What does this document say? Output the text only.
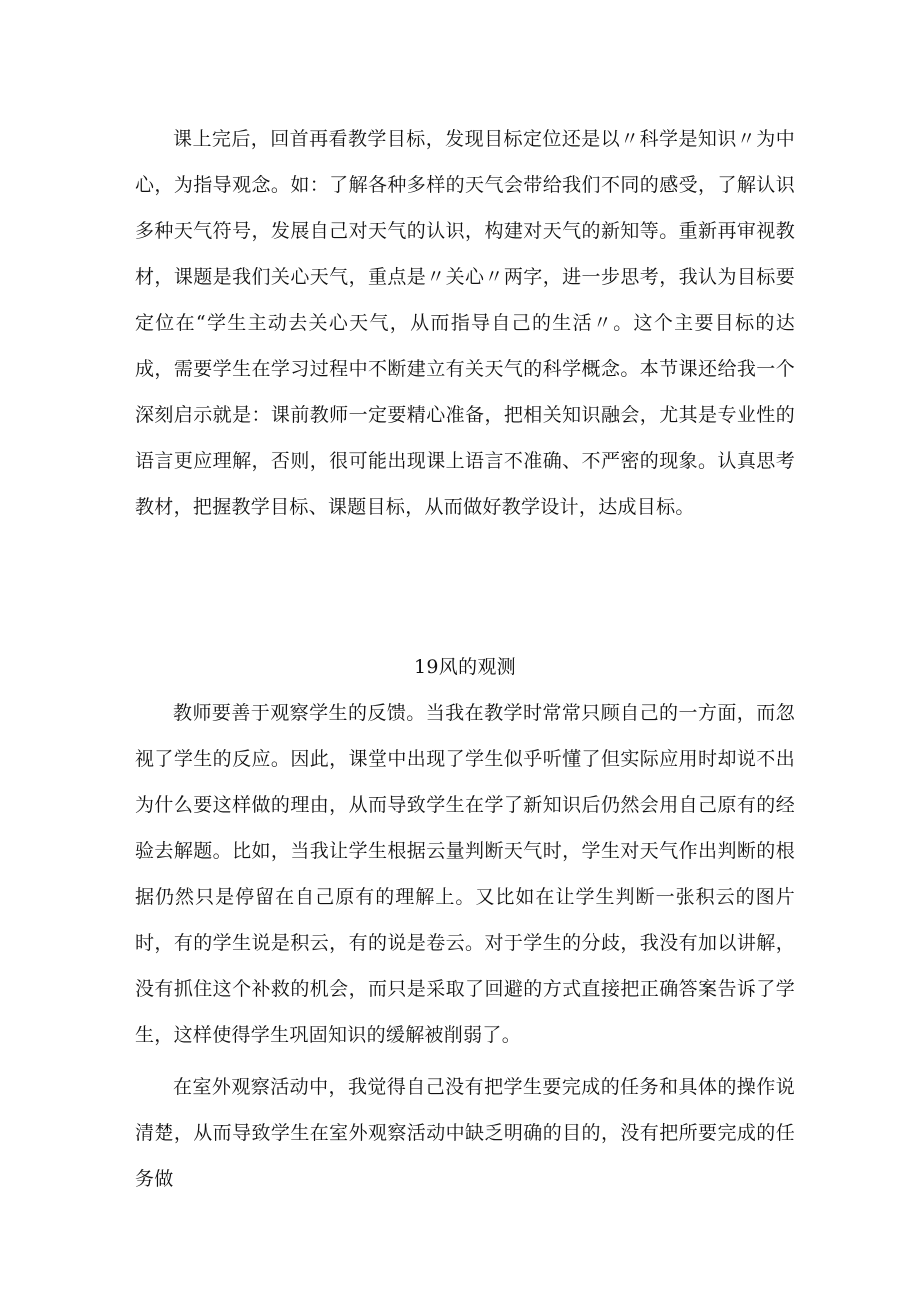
课上完后，回首再看教学目标，发现目标定位还是以〃科学是知识〃为中心，为指导观念。如：了解各种多样的天气会带给我们不同的感受，了解认识多种天气符号，发展自己对天气的认识，构建对天气的新知等。重新再审视教材，课题是我们关心天气，重点是〃关心〃两字，进一步思考，我认为目标要定位在“学生主动去关心天气，从而指导自己的生活〃。这个主要目标的达成，需要学生在学习过程中不断建立有关天气的科学概念。本节课还给我一个深刻启示就是：课前教师一定要精心准备，把相关知识融会，尤其是专业性的语言更应理解，否则，很可能出现课上语言不准确、不严密的现象。认真思考教材，把握教学目标、课题目标，从而做好教学设计，达成目标。

19风的观测

教师要善于观察学生的反馈。当我在教学时常常只顾自己的一方面，而忽视了学生的反应。因此，课堂中出现了学生似乎听懂了但实际应用时却说不出为什么要这样做的理由，从而导致学生在学了新知识后仍然会用自己原有的经验去解题。比如，当我让学生根据云量判断天气时，学生对天气作出判断的根据仍然只是停留在自己原有的理解上。又比如在让学生判断一张积云的图片时，有的学生说是积云，有的说是卷云。对于学生的分歧，我没有加以讲解，没有抓住这个补救的机会，而只是采取了回避的方式直接把正确答案告诉了学生，这样使得学生巩固知识的缓解被削弱了。

在室外观察活动中，我觉得自己没有把学生要完成的任务和具体的操作说清楚，从而导致学生在室外观察活动中缺乏明确的目的，没有把所要完成的任务做
